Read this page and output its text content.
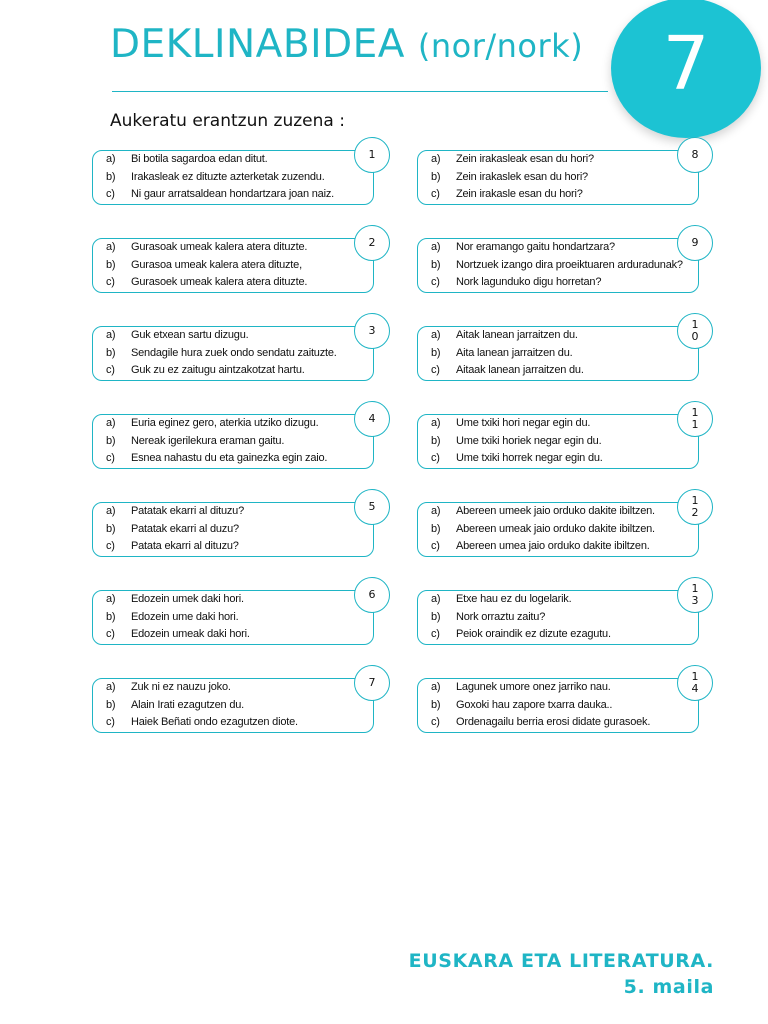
DEKLINABIDEA (nor/nork) 7
Aukeratu erantzun zuzena :
a) Bi botila sagardoa edan ditut.
b) Irakasleak ez dituzte azterketak zuzendu.
c) Ni gaur arratsaldean hondartzara joan naiz.
1
a) Gurasoak umeak kalera atera dituzte.
b) Gurasoa umeak kalera atera dituzte,
c) Gurasoek umeak kalera atera dituzte.
2
a) Guk etxean sartu dizugu.
b) Sendagile hura zuek ondo sendatu zaituzte.
c) Guk zu ez zaitugu aintzakotzat hartu.
3
a) Euria eginez gero, aterkia utziko dizugu.
b) Nereak igerilekura eraman gaitu.
c) Esnea nahastu du eta gainezka egin zaio.
4
a) Patatak ekarri al dituzu?
b) Patatak ekarri al duzu?
c) Patata ekarri al dituzu?
5
a) Edozein umek daki hori.
b) Edozein ume daki hori.
c) Edozein umeak daki hori.
6
a) Zuk ni ez nauzu joko.
b) Alain Irati ezagutzen du.
c) Haiek Beñati ondo ezagutzen diote.
7
a) Zein irakasleak esan du hori?
b) Zein irakaslek esan du hori?
c) Zein irakasle esan du hori?
8
a) Nor eramango gaitu hondartzara?
b) Nortzuek izango dira proeiktuaren arduradunak?
c) Nork lagunduko digu horretan?
9
a) Aitak lanean jarraitzen du.
b) Aita lanean jarraitzen du.
c) Aitaak lanean jarraitzen du.
10
a) Ume txiki hori negar egin du.
b) Ume txiki horiek negar egin du.
c) Ume txiki horrek negar egin du.
11
a) Abereen umeek jaio orduko dakite ibiltzen.
b) Abereen umeak jaio orduko dakite ibiltzen.
c) Abereen umea jaio orduko dakite ibiltzen.
12
a) Etxe hau ez du logelarik.
b) Nork orraztu zaitu?
c) Peiok oraindik ez dizute ezagutu.
13
a) Lagunek umore onez jarriko nau.
b) Goxoki hau zapore txarra dauka..
c) Ordenagailu berria erosi didate gurasoek.
14
EUSKARA ETA LITERATURA.
5. maila
